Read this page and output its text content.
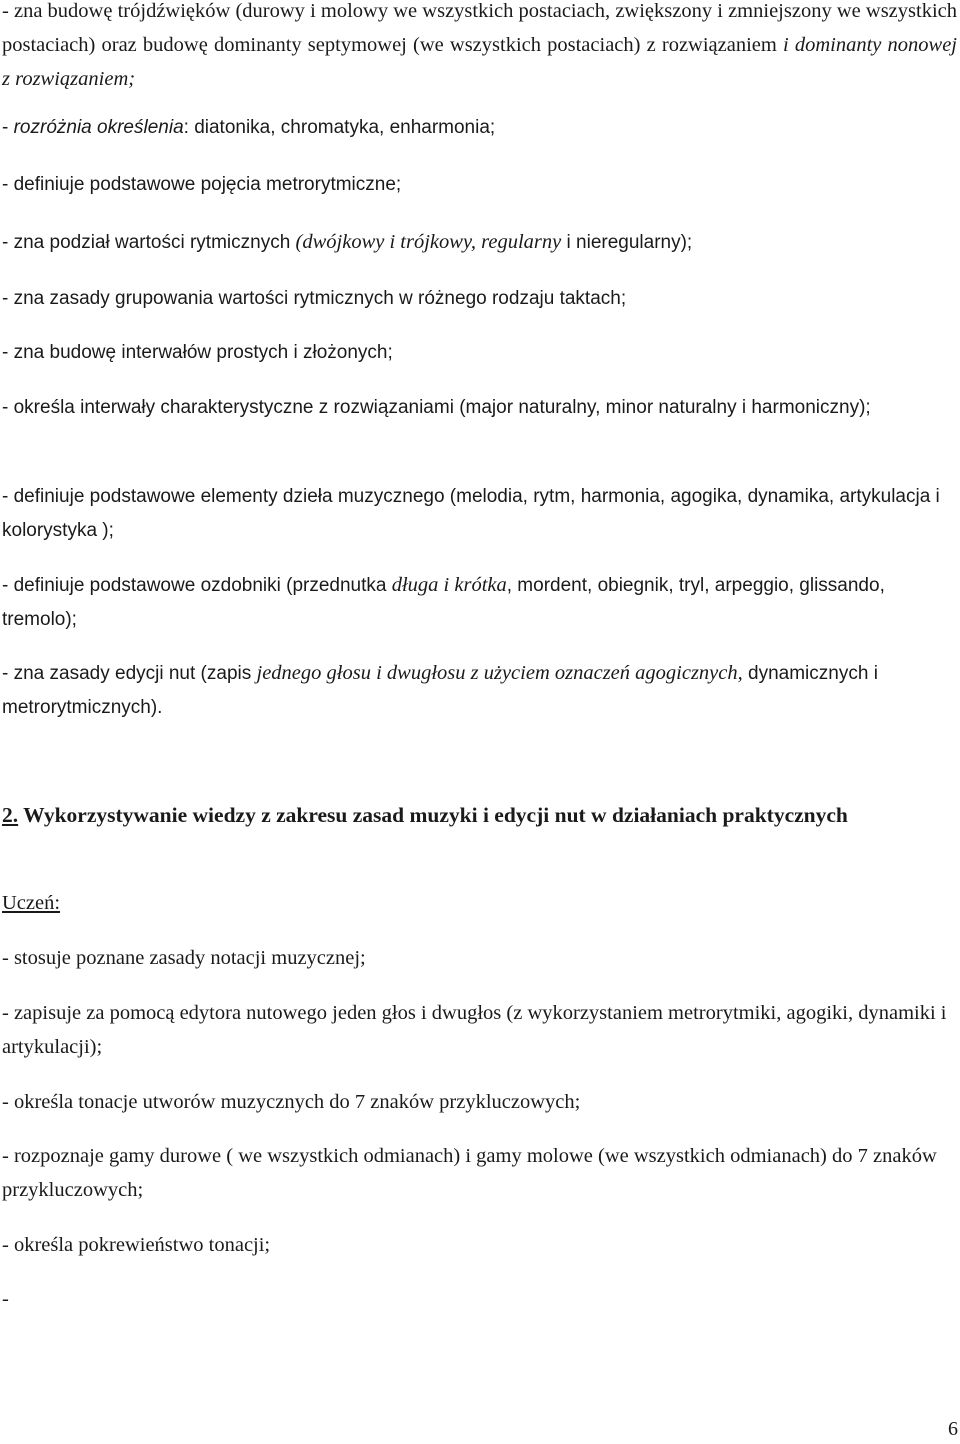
- zna budowę trójdźwięków (durowy i molowy we wszystkich postaciach, zwiększony i zmniejszony we wszystkich postaciach) oraz budowę dominanty septymowej (we wszystkich postaciach) z rozwiązaniem i dominanty nonowej z rozwiązaniem;

- rozróżnia określenia: diatonika, chromatyka, enharmonia;

- definiuje podstawowe pojęcia metrorytmiczne;

- zna podział wartości rytmicznych (dwójkowy i trójkowy, regularny i nieregularny);

- zna zasady grupowania wartości rytmicznych w różnego rodzaju taktach;

- zna budowę interwałów prostych i złożonych;

- określa interwały charakterystyczne z rozwiązaniami (major naturalny, minor naturalny i harmoniczny);

- definiuje podstawowe elementy dzieła muzycznego (melodia, rytm, harmonia, agogika, dynamika, artykulacja i kolorystyka );

- definiuje podstawowe ozdobniki (przednutka długa i krótka, mordent, obiegnik, tryl, arpeggio, glissando, tremolo);

- zna zasady edycji nut (zapis jednego głosu i dwugłosu z użyciem oznaczeń agogicznych, dynamicznych i metrorytmicznych).

2. Wykorzystywanie wiedzy z zakresu zasad muzyki i edycji nut w działaniach praktycznych

Uczeń:

- stosuje poznane zasady notacji muzycznej;

- zapisuje za pomocą edytora nutowego jeden głos i dwugłos (z wykorzystaniem metrorytmiki, agogiki, dynamiki i artykulacji);

- określa tonacje utworów muzycznych do 7 znaków przykluczowych;

- rozpoznaje gamy durowe ( we wszystkich odmianach) i gamy molowe (we wszystkich odmianach) do 7 znaków przykluczowych;

- określa pokrewieństwo tonacji;

-

6
